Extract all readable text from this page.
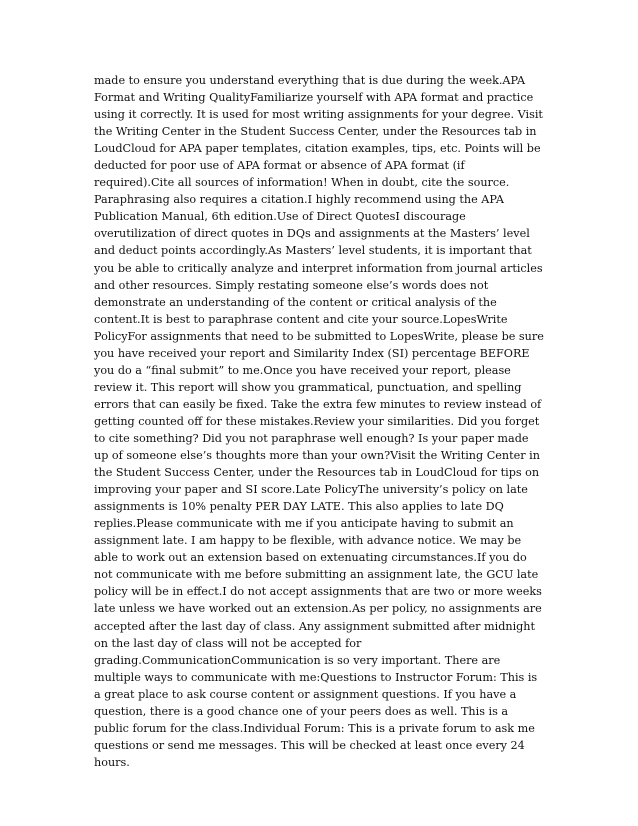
made to ensure you understand everything that is due during the week.APA Format and Writing QualityFamiliarize yourself with APA format and practice using it correctly. It is used for most writing assignments for your degree. Visit the Writing Center in the Student Success Center, under the Resources tab in LoudCloud for APA paper templates, citation examples, tips, etc. Points will be deducted for poor use of APA format or absence of APA format (if required).Cite all sources of information! When in doubt, cite the source. Paraphrasing also requires a citation.I highly recommend using the APA Publication Manual, 6th edition.Use of Direct QuotesI discourage overutilization of direct quotes in DQs and assignments at the Masters’ level and deduct points accordingly.As Masters’ level students, it is important that you be able to critically analyze and interpret information from journal articles and other resources. Simply restating someone else’s words does not demonstrate an understanding of the content or critical analysis of the content.It is best to paraphrase content and cite your source.LopesWrite PolicyFor assignments that need to be submitted to LopesWrite, please be sure you have received your report and Similarity Index (SI) percentage BEFORE you do a “final submit” to me.Once you have received your report, please review it. This report will show you grammatical, punctuation, and spelling errors that can easily be fixed. Take the extra few minutes to review instead of getting counted off for these mistakes.Review your similarities. Did you forget to cite something? Did you not paraphrase well enough? Is your paper made up of someone else’s thoughts more than your own?Visit the Writing Center in the Student Success Center, under the Resources tab in LoudCloud for tips on improving your paper and SI score.Late PolicyThe university’s policy on late assignments is 10% penalty PER DAY LATE. This also applies to late DQ replies.Please communicate with me if you anticipate having to submit an assignment late. I am happy to be flexible, with advance notice. We may be able to work out an extension based on extenuating circumstances.If you do not communicate with me before submitting an assignment late, the GCU late policy will be in effect.I do not accept assignments that are two or more weeks late unless we have worked out an extension.As per policy, no assignments are accepted after the last day of class. Any assignment submitted after midnight on the last day of class will not be accepted for grading.CommunicationCommunication is so very important. There are multiple ways to communicate with me:Questions to Instructor Forum: This is a great place to ask course content or assignment questions. If you have a question, there is a good chance one of your peers does as well. This is a public forum for the class.Individual Forum: This is a private forum to ask me questions or send me messages. This will be checked at least once every 24 hours.
